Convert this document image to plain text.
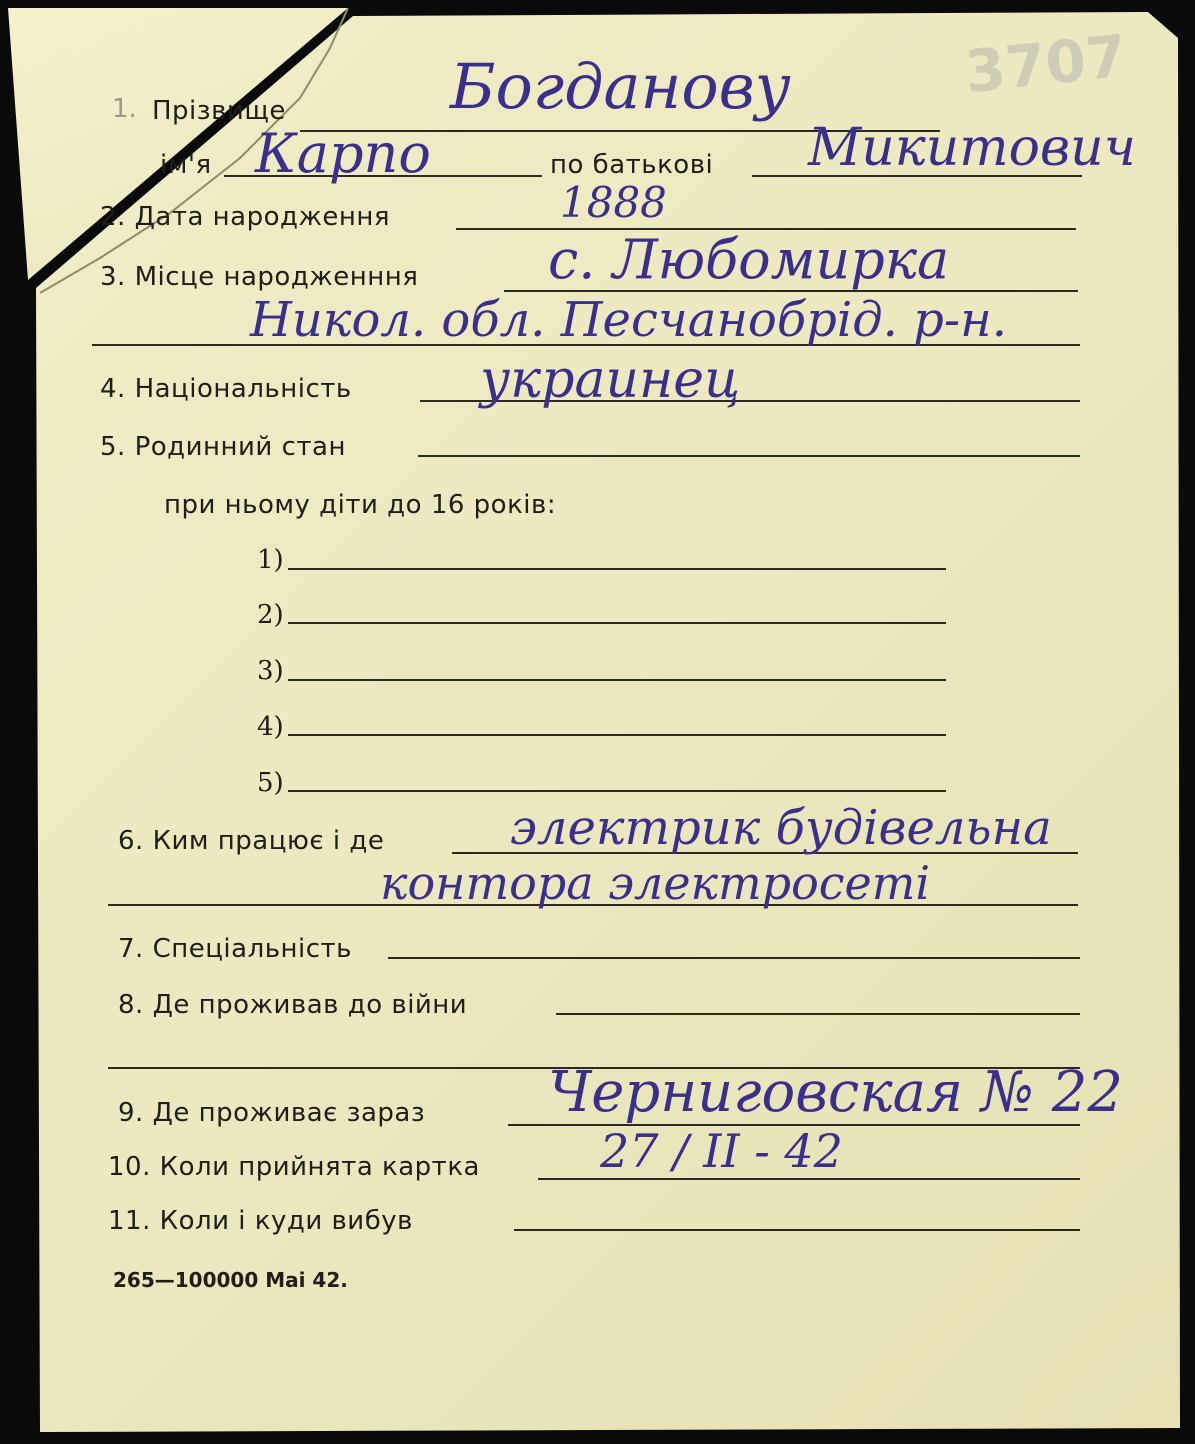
3707
1. Прізвище	Богданову
ім'я Карпо	по батькові Микитович
2. Дата народження	1888
3. Місце народженння с. Любомирка
Никол. обл. Песчанобрід. р-н.
4. Національність украинец
5. Родинний стан
при ньому діти до 16 років:
1)
2)
3)
4)
5)
6. Ким працює і де	электрик будівельна
контора электросеті
7. Спеціальність
8. Де проживав до війни
9. Де проживає зараз Черниговская № 22
10. Коли прийнята картка	27 / II - 42
11. Коли і куди вибув
265—100000 Mai 42.
